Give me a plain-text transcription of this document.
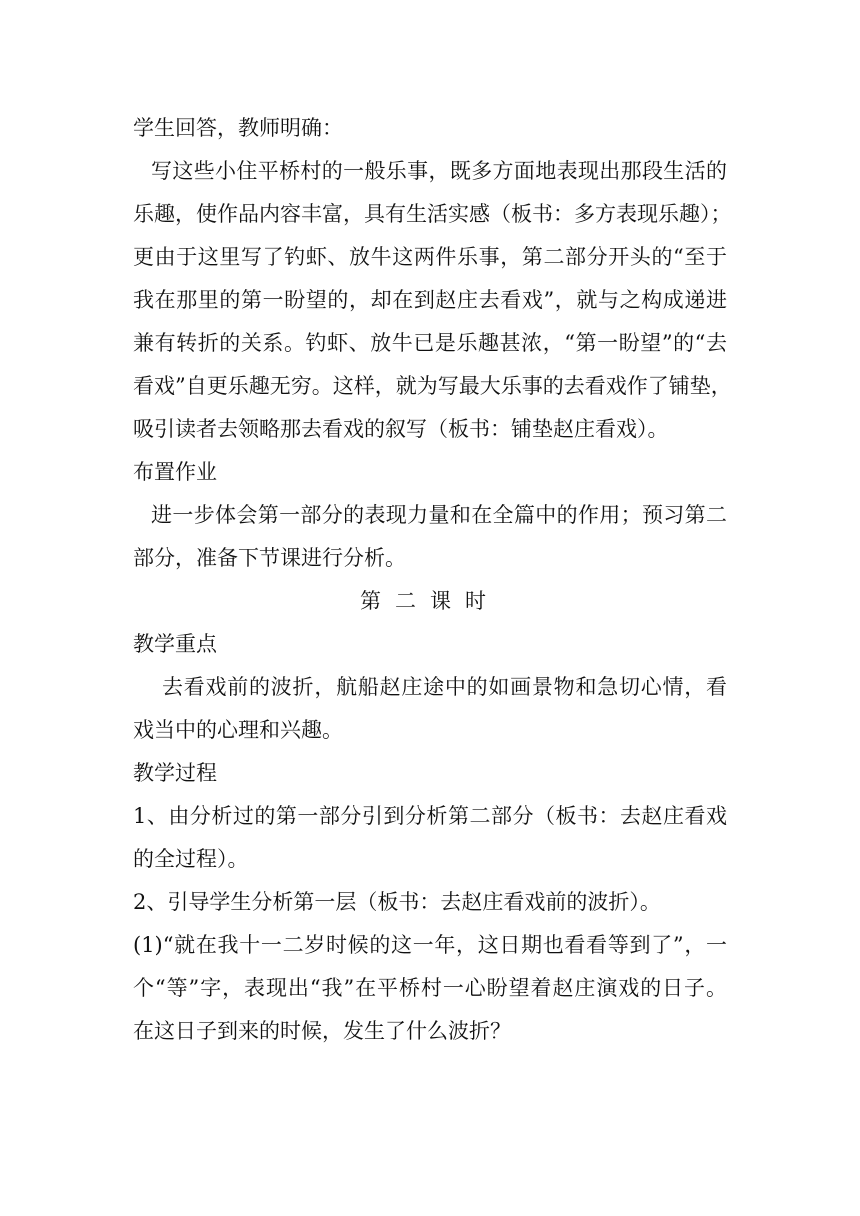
学生回答，教师明确：

写这些小住平桥村的一般乐事，既多方面地表现出那段生活的

乐趣，使作品内容丰富，具有生活实感（板书：多方表现乐趣）；

更由于这里写了钓虾、放牛这两件乐事，第二部分开头的“至于

我在那里的第一盼望的，却在到赵庄去看戏”，就与之构成递进

兼有转折的关系。钓虾、放牛已是乐趣甚浓，“第一盼望”的“去

看戏”自更乐趣无穷。这样，就为写最大乐事的去看戏作了铺垫，

吸引读者去领略那去看戏的叙写（板书：铺垫赵庄看戏）。

布置作业

进一步体会第一部分的表现力量和在全篇中的作用；预习第二

部分，准备下节课进行分析。

第二课时

教学重点

去看戏前的波折，航船赵庄途中的如画景物和急切心情，看

戏当中的心理和兴趣。

教学过程

1、由分析过的第一部分引到分析第二部分（板书：去赵庄看戏

的全过程）。

2、引导学生分析第一层（板书：去赵庄看戏前的波折）。

(1)“就在我十一二岁时候的这一年，这日期也看看等到了”，一

个“等”字，表现出“我”在平桥村一心盼望着赵庄演戏的日子。

在这日子到来的时候，发生了什么波折？
